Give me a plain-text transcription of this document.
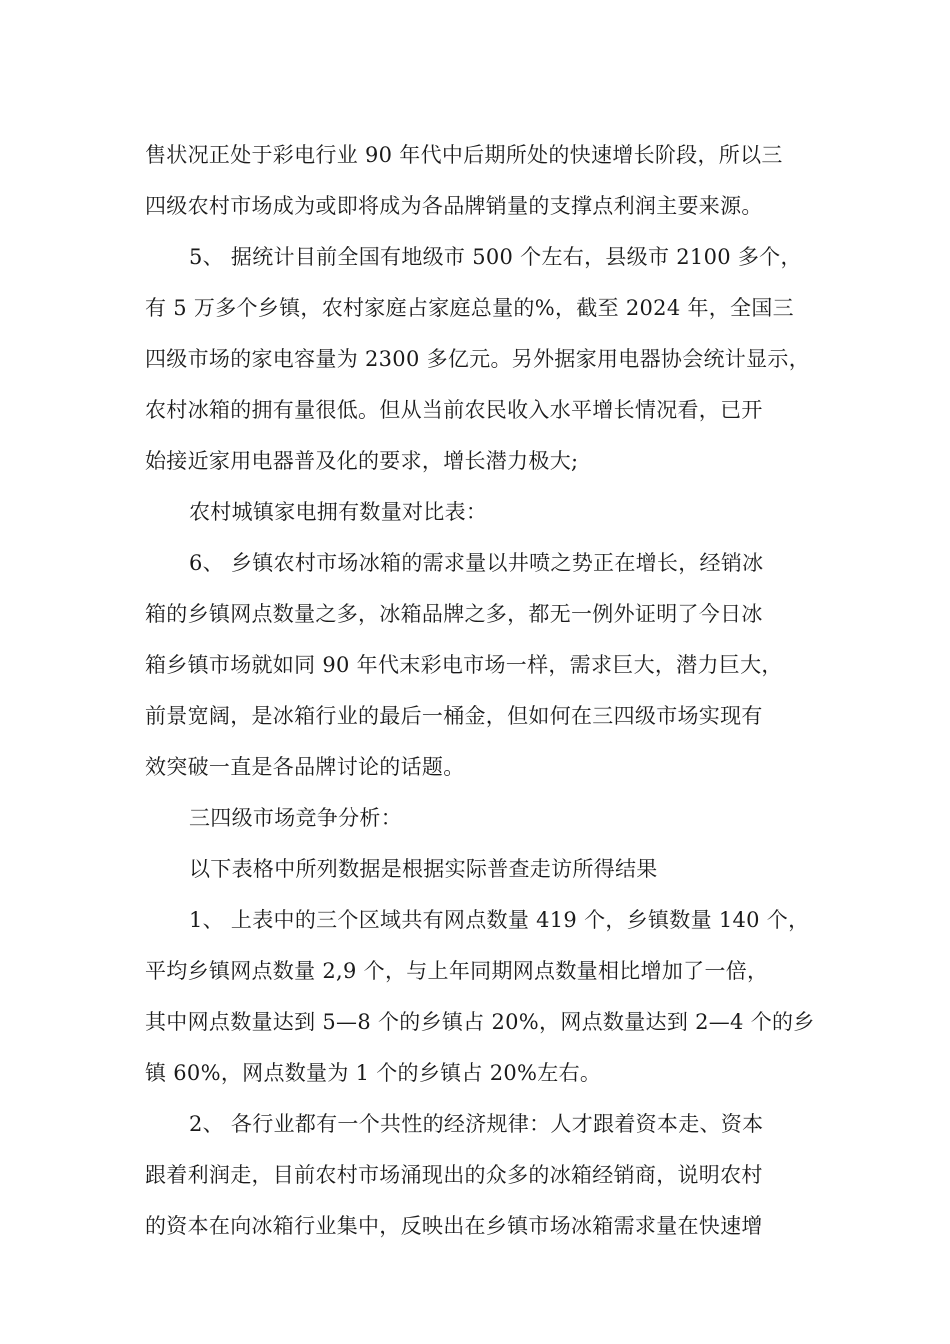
售状况正处于彩电行业 90 年代中后期所处的快速增长阶段，所以三
四级农村市场成为或即将成为各品牌销量的支撑点利润主要来源。
5、 据统计目前全国有地级市 500 个左右，县级市 2100 多个，
有 5 万多个乡镇，农村家庭占家庭总量的%，截至 2024 年，全国三
四级市场的家电容量为 2300 多亿元。另外据家用电器协会统计显示，
农村冰箱的拥有量很低。但从当前农民收入水平增长情况看，已开
始接近家用电器普及化的要求，增长潜力极大;
农村城镇家电拥有数量对比表：
6、 乡镇农村市场冰箱的需求量以井喷之势正在增长，经销冰
箱的乡镇网点数量之多，冰箱品牌之多，都无一例外证明了今日冰
箱乡镇市场就如同 90 年代末彩电市场一样，需求巨大，潜力巨大，
前景宽阔，是冰箱行业的最后一桶金，但如何在三四级市场实现有
效突破一直是各品牌讨论的话题。
三四级市场竞争分析：
以下表格中所列数据是根据实际普查走访所得结果
1、 上表中的三个区域共有网点数量 419 个，乡镇数量 140 个，
平均乡镇网点数量 2,9 个，与上年同期网点数量相比增加了一倍，
其中网点数量达到 5—8 个的乡镇占 20%，网点数量达到 2—4 个的乡
镇 60%，网点数量为 1 个的乡镇占 20%左右。
2、 各行业都有一个共性的经济规律：人才跟着资本走、资本
跟着利润走，目前农村市场涌现出的众多的冰箱经销商，说明农村
的资本在向冰箱行业集中，反映出在乡镇市场冰箱需求量在快速增
